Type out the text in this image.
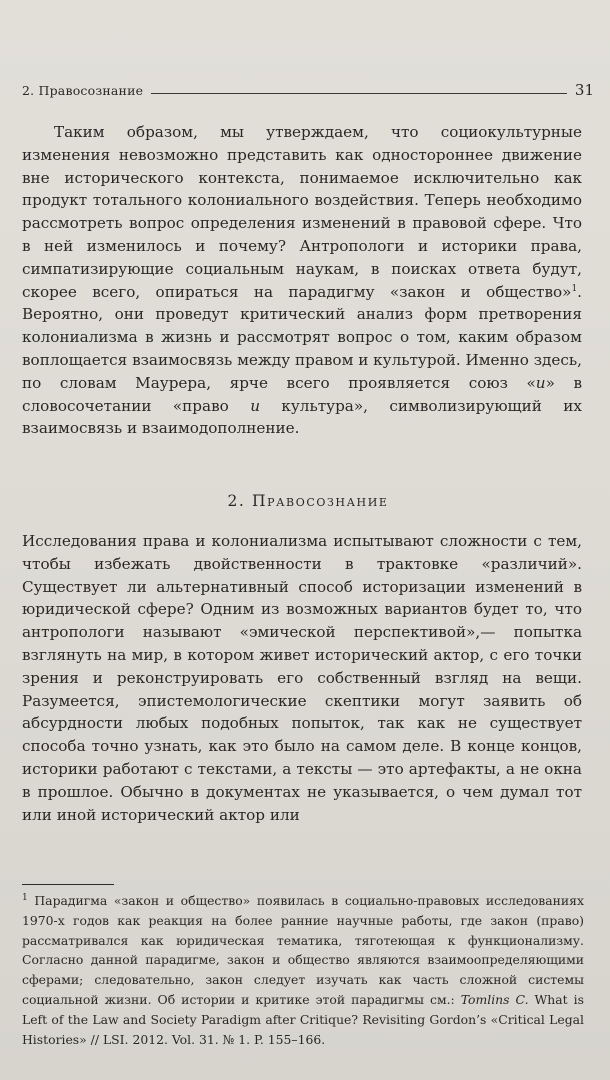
2. Правосознание	31

Таким образом, мы утверждаем, что социокультурные изменения невозможно представить как одностороннее движение вне исторического контекста, понимаемое исключительно как продукт тотального колониального воздействия. Теперь необходимо рассмотреть вопрос определения изменений в правовой сфере. Что в ней изменилось и почему? Антропологи и историки права, симпатизирующие социальным наукам, в поисках ответа будут, скорее всего, опираться на парадигму «закон и общество»$^1$. Вероятно, они проведут критический анализ форм претворения колониализма в жизнь и рассмотрят вопрос о том, каким образом воплощается взаимосвязь между правом и культурой. Именно здесь, по словам Маурера, ярче всего проявляется союз «и» в словосочетании «право и культура», символизирующий их взаимосвязь и взаимодополнение.

2. Правосознание

Исследования права и колониализма испытывают сложности с тем, чтобы избежать двойственности в трактовке «различий». Существует ли альтернативный способ историзации изменений в юридической сфере? Одним из возможных вариантов будет то, что антропологи называют «эмической перспективой»,— попытка взглянуть на мир, в котором живет исторический актор, с его точки зрения и реконструировать его собственный взгляд на вещи. Разумеется, эпистемологические скептики могут заявить об абсурдности любых подобных попыток, так как не существует способа точно узнать, как это было на самом деле. В конце концов, историки работают с текстами, а тексты — это артефакты, а не окна в прошлое. Обычно в документах не указывается, о чем думал тот или иной исторический актор или

$^1$ Парадигма «закон и общество» появилась в социально-правовых исследованиях 1970-х годов как реакция на более ранние научные работы, где закон (право) рассматривался как юридическая тематика, тяготеющая к функционализму. Согласно данной парадигме, закон и общество являются взаимоопределяющими сферами; следовательно, закон следует изучать как часть сложной системы социальной жизни. Об истории и критике этой парадигмы см.: Tomlins C. What is Left of the Law and Society Paradigm after Critique? Revisiting Gordon’s «Critical Legal Histories» // LSI. 2012. Vol. 31. № 1. P. 155–166.
